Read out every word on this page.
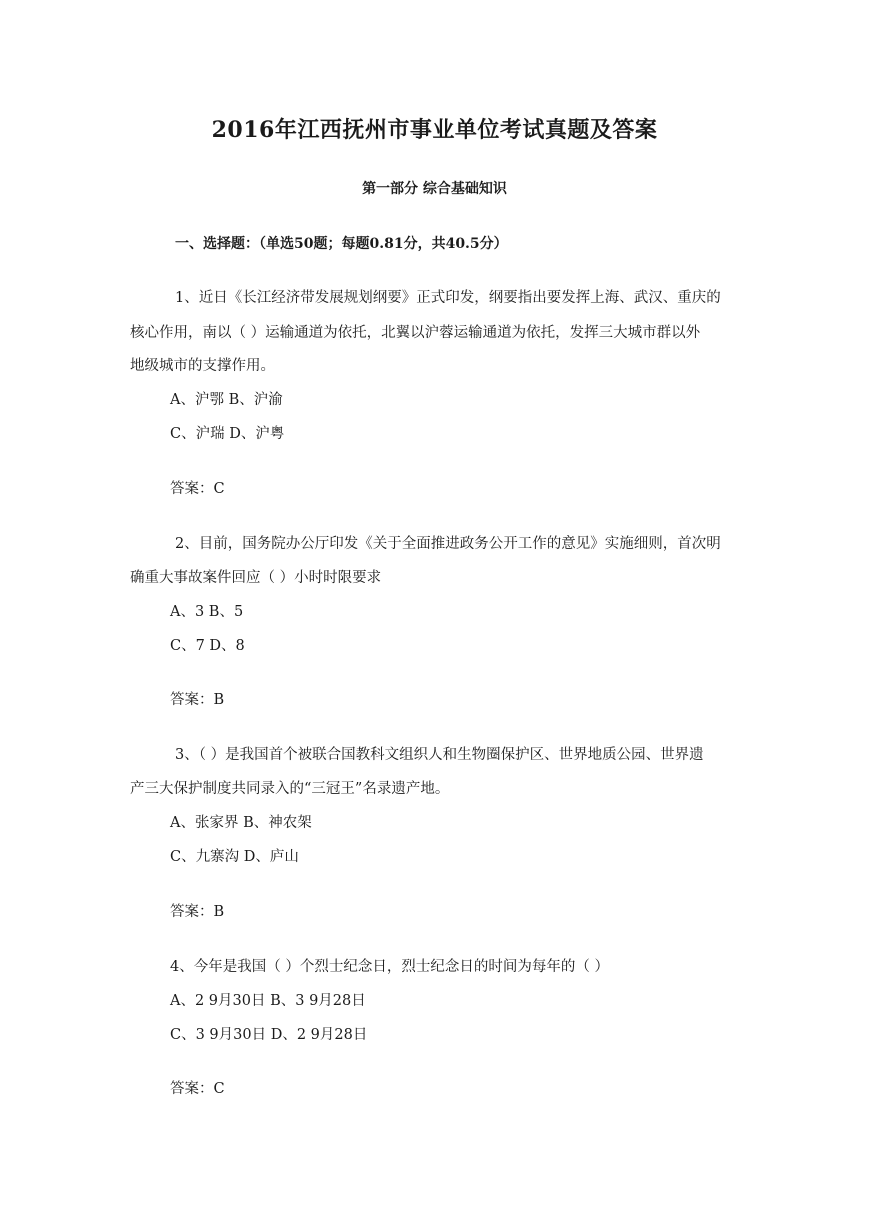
2016年江西抚州市事业单位考试真题及答案
第一部分 综合基础知识
一、选择题：（单选50题；每题0.81分，共40.5分）
1、近日《长江经济带发展规划纲要》正式印发，纲要指出要发挥上海、武汉、重庆的
核心作用，南以（ ）运输通道为依托，北翼以沪蓉运输通道为依托，发挥三大城市群以外
地级城市的支撑作用。
A、沪鄂 B、沪渝
C、沪瑞 D、沪粤
答案：C
2、目前，国务院办公厅印发《关于全面推进政务公开工作的意见》实施细则，首次明
确重大事故案件回应（ ）小时时限要求
A、3 B、5
C、7 D、8
答案：B
3、（ ）是我国首个被联合国教科文组织人和生物圈保护区、世界地质公园、世界遗
产三大保护制度共同录入的“三冠王”名录遗产地。
A、张家界 B、神农架
C、九寨沟 D、庐山
答案：B
4、今年是我国（ ）个烈士纪念日，烈士纪念日的时间为每年的（ ）
A、2 9月30日 B、3 9月28日
C、3 9月30日 D、2 9月28日
答案：C
